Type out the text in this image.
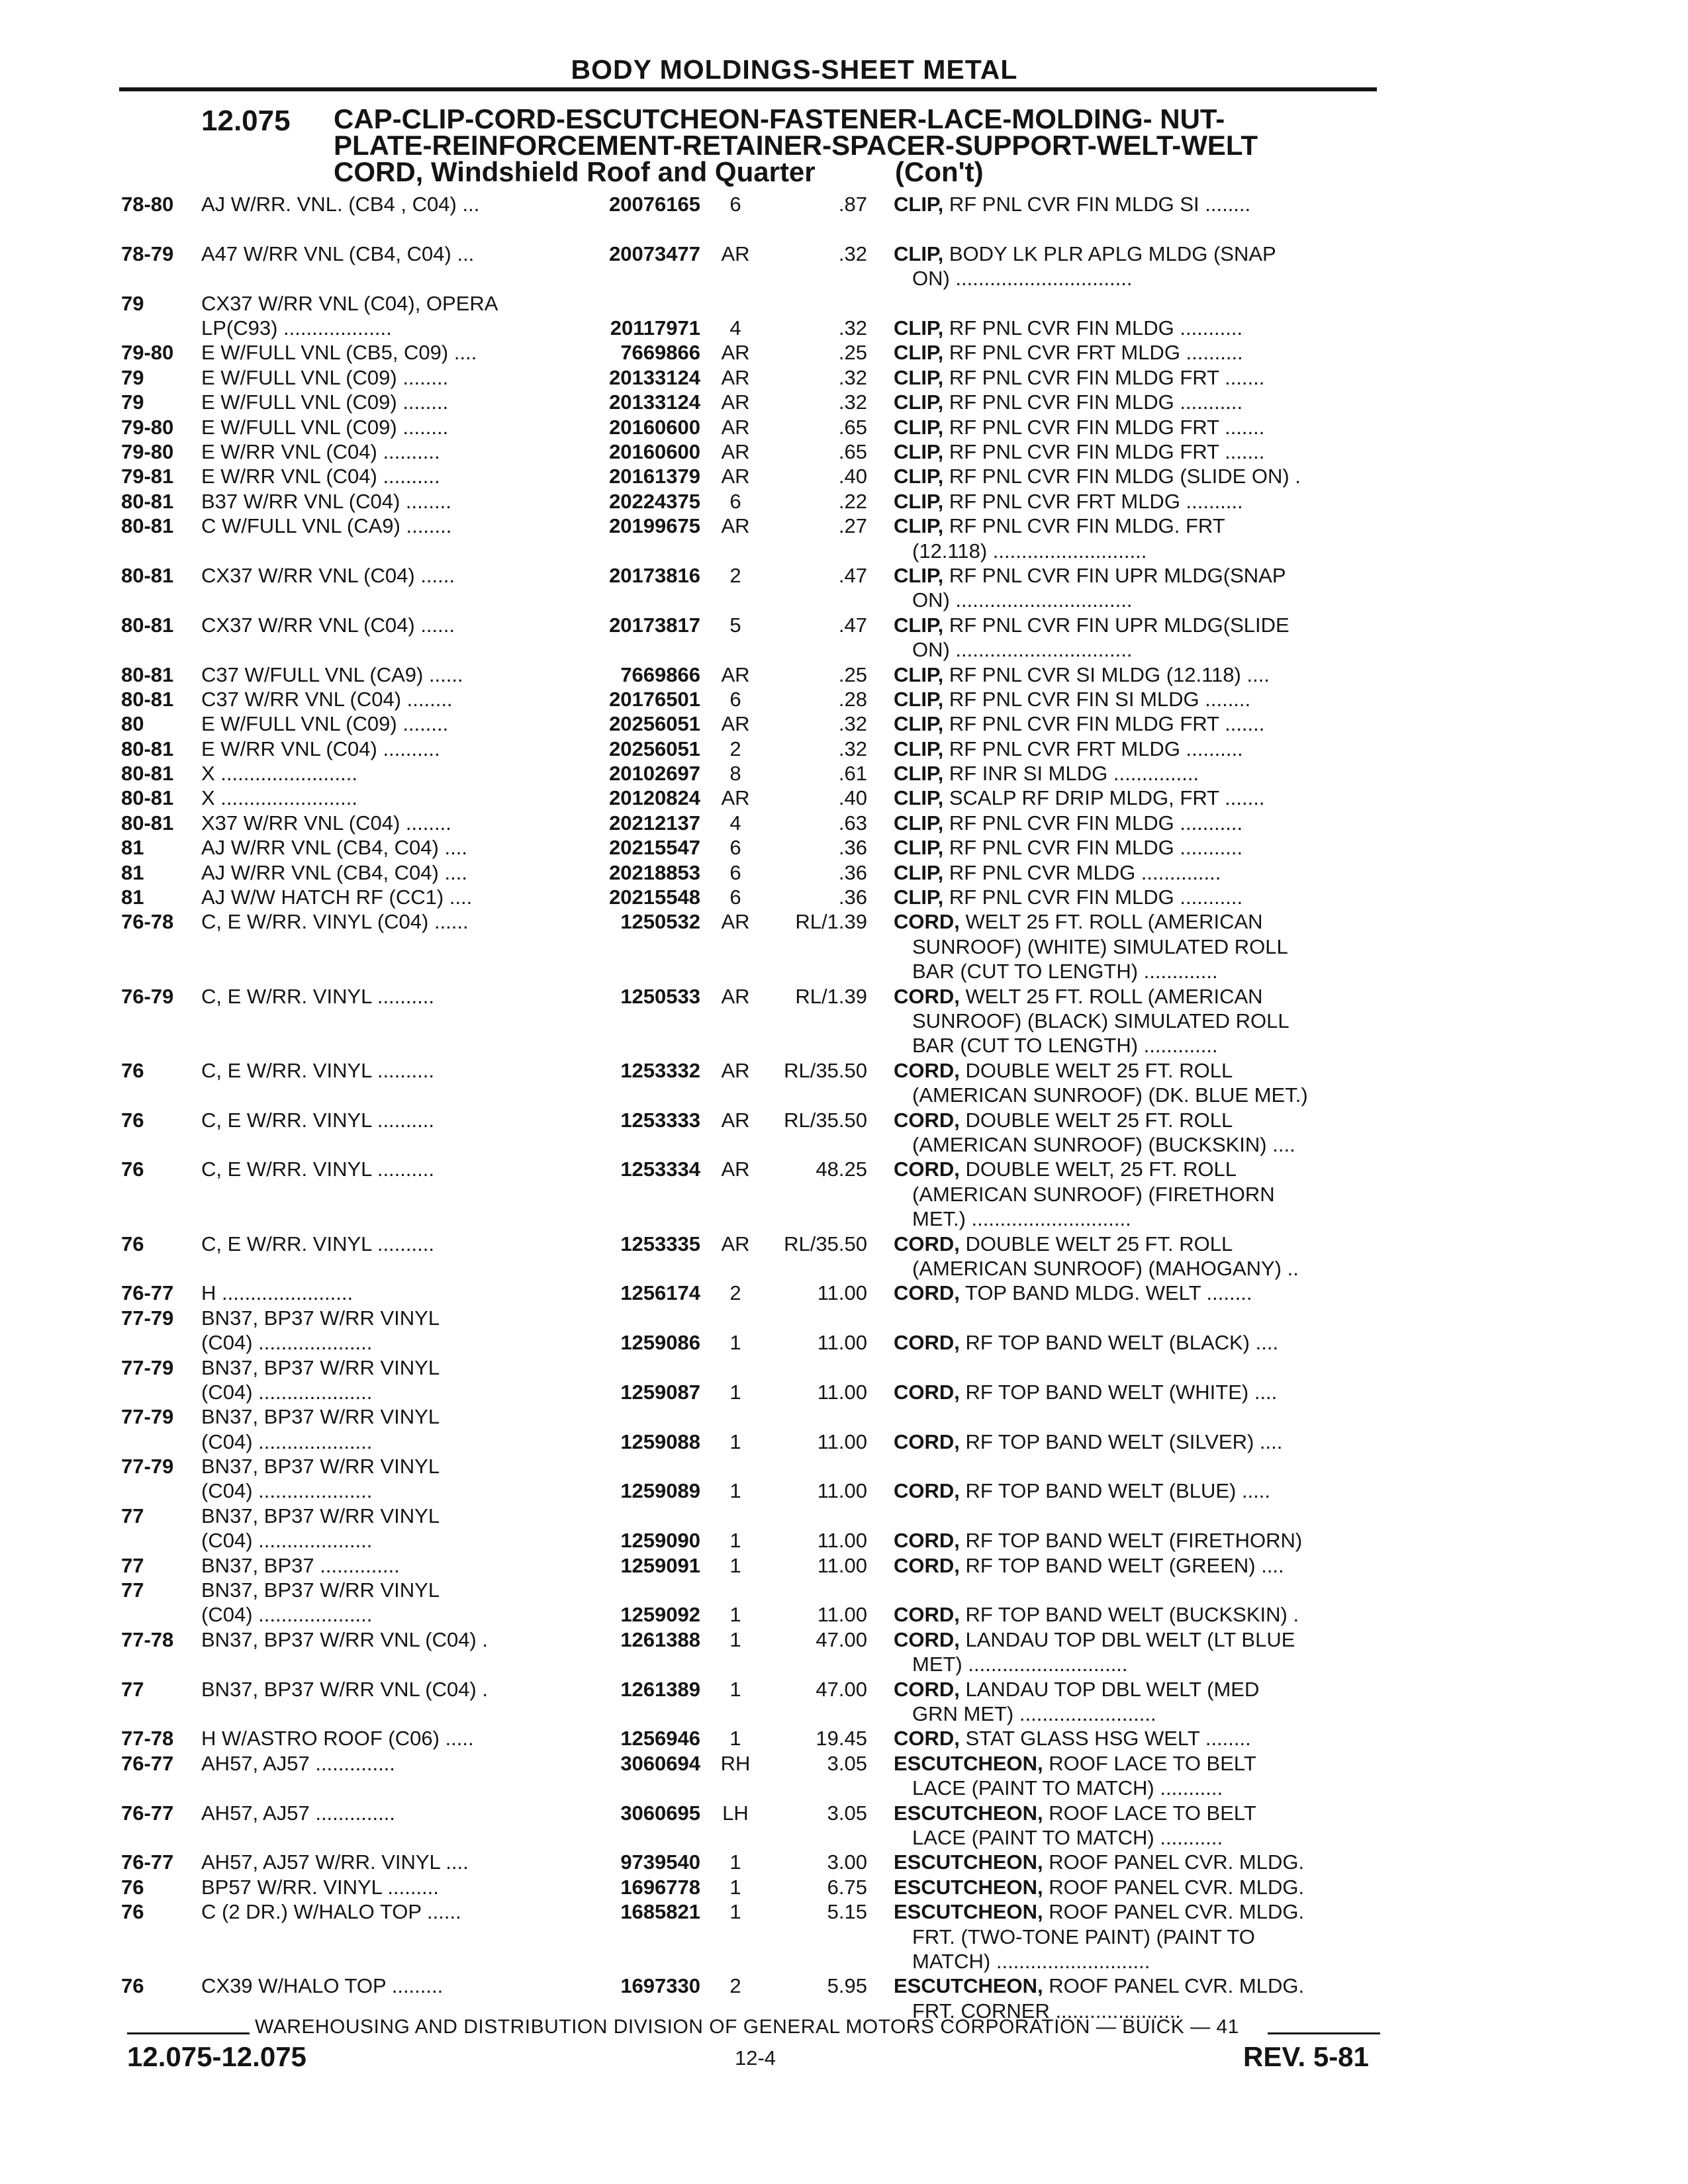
BODY MOLDINGS-SHEET METAL
12.075 CAP-CLIP-CORD-ESCUTCHEON-FASTENER-LACE-MOLDING- NUT-
PLATE-REINFORCEMENT-RETAINER-SPACER-SUPPORT-WELT-WELT
CORD, Windshield Roof and Quarter	(Con't)
78-80 AJ W/RR. VNL. (CB4 , C04) ...	20076165	6	.87 CLIP, RF PNL CVR FIN MLDG SI ........
78-79 A47 W/RR VNL (CB4, C04) ...	20073477	AR	.32 CLIP, BODY LK PLR APLG MLDG (SNAP
ON) ...............................
79	CX37 W/RR VNL (C04), OPERA
LP(C93) ...................	20117971	4	.32 CLIP, RF PNL CVR FIN MLDG ...........
79-80 E W/FULL VNL (CB5, C09) ....	7669866	AR	.25 CLIP, RF PNL CVR FRT MLDG ..........
79	E W/FULL VNL (C09) ........	20133124	AR	.32 CLIP, RF PNL CVR FIN MLDG FRT .......
79	E W/FULL VNL (C09) ........	20133124	AR	.32 CLIP, RF PNL CVR FIN MLDG ...........
79-80 E W/FULL VNL (C09) ........	20160600	AR	.65 CLIP, RF PNL CVR FIN MLDG FRT .......
79-80 E W/RR VNL (C04) ..........	20160600	AR	.65 CLIP, RF PNL CVR FIN MLDG FRT .......
79-81 E W/RR VNL (C04) ..........	20161379	AR	.40 CLIP, RF PNL CVR FIN MLDG (SLIDE ON) .
80-81 B37 W/RR VNL (C04) ........	20224375	6	.22 CLIP, RF PNL CVR FRT MLDG ..........
80-81 C W/FULL VNL (CA9) ........	20199675	AR	.27 CLIP, RF PNL CVR FIN MLDG. FRT
(12.118) ...........................
80-81 CX37 W/RR VNL (C04) ......	20173816	2	.47 CLIP, RF PNL CVR FIN UPR MLDG(SNAP
ON) ...............................
80-81 CX37 W/RR VNL (C04) ......	20173817	5	.47 CLIP, RF PNL CVR FIN UPR MLDG(SLIDE
ON) ...............................
80-81 C37 W/FULL VNL (CA9) ......	7669866	AR	.25 CLIP, RF PNL CVR SI MLDG (12.118) ....
80-81 C37 W/RR VNL (C04) ........	20176501	6	.28 CLIP, RF PNL CVR FIN SI MLDG ........
80	E W/FULL VNL (C09) ........	20256051	AR	.32 CLIP, RF PNL CVR FIN MLDG FRT .......
80-81 E W/RR VNL (C04) ..........	20256051	2	.32 CLIP, RF PNL CVR FRT MLDG ..........
80-81 X ........................	20102697	8	.61 CLIP, RF INR SI MLDG ...............
80-81 X ........................	20120824	AR	.40 CLIP, SCALP RF DRIP MLDG, FRT .......
80-81 X37 W/RR VNL (C04) ........	20212137	4	.63 CLIP, RF PNL CVR FIN MLDG ...........
81	AJ W/RR VNL (CB4, C04) ....	20215547	6	.36 CLIP, RF PNL CVR FIN MLDG ...........
81	AJ W/RR VNL (CB4, C04) ....	20218853	6	.36 CLIP, RF PNL CVR MLDG ..............
81	AJ W/W HATCH RF (CC1) ....	20215548	6	.36 CLIP, RF PNL CVR FIN MLDG ...........
76-78 C, E W/RR. VINYL (C04) ......	1250532	AR	RL/1.39 CORD, WELT 25 FT. ROLL (AMERICAN
SUNROOF) (WHITE) SIMULATED ROLL
BAR (CUT TO LENGTH) .............
76-79 C, E W/RR. VINYL ..........	1250533	AR	RL/1.39 CORD, WELT 25 FT. ROLL (AMERICAN
SUNROOF) (BLACK) SIMULATED ROLL
BAR (CUT TO LENGTH) .............
76	C, E W/RR. VINYL ..........	1253332	AR	RL/35.50 CORD, DOUBLE WELT 25 FT. ROLL
(AMERICAN SUNROOF) (DK. BLUE MET.)
76	C, E W/RR. VINYL ..........	1253333	AR	RL/35.50 CORD, DOUBLE WELT 25 FT. ROLL
(AMERICAN SUNROOF) (BUCKSKIN) ....
76	C, E W/RR. VINYL ..........	1253334	AR	48.25 CORD, DOUBLE WELT, 25 FT. ROLL
(AMERICAN SUNROOF) (FIRETHORN
MET.) ............................
76	C, E W/RR. VINYL ..........	1253335	AR	RL/35.50 CORD, DOUBLE WELT 25 FT. ROLL
(AMERICAN SUNROOF) (MAHOGANY) ..
76-77 H .......................	1256174	2	11.00 CORD, TOP BAND MLDG. WELT ........
77-79 BN37, BP37 W/RR VINYL
(C04) ....................	1259086	1	11.00 CORD, RF TOP BAND WELT (BLACK) ....
77-79 BN37, BP37 W/RR VINYL
(C04) ....................	1259087	1	11.00 CORD, RF TOP BAND WELT (WHITE) ....
77-79 BN37, BP37 W/RR VINYL
(C04) ....................	1259088	1	11.00 CORD, RF TOP BAND WELT (SILVER) ....
77-79 BN37, BP37 W/RR VINYL
(C04) ....................	1259089	1	11.00 CORD, RF TOP BAND WELT (BLUE) .....
77	BN37, BP37 W/RR VINYL
(C04) ....................	1259090	1	11.00 CORD, RF TOP BAND WELT (FIRETHORN)
77	BN37, BP37 ..............	1259091	1	11.00 CORD, RF TOP BAND WELT (GREEN) ....
77	BN37, BP37 W/RR VINYL
(C04) ....................	1259092	1	11.00 CORD, RF TOP BAND WELT (BUCKSKIN) .
77-78 BN37, BP37 W/RR VNL (C04) .	1261388	1	47.00 CORD, LANDAU TOP DBL WELT (LT BLUE
MET) ............................
77	BN37, BP37 W/RR VNL (C04) .	1261389	1	47.00 CORD, LANDAU TOP DBL WELT (MED
GRN MET) ........................
77-78 H W/ASTRO ROOF (C06) .....	1256946	1	19.45 CORD, STAT GLASS HSG WELT ........
76-77 AH57, AJ57 ..............	3060694 RH	3.05 ESCUTCHEON, ROOF LACE TO BELT
LACE (PAINT TO MATCH) ...........
76-77 AH57, AJ57 ..............	3060695	LH	3.05 ESCUTCHEON, ROOF LACE TO BELT
LACE (PAINT TO MATCH) ...........
76-77 AH57, AJ57 W/RR. VINYL ....	9739540	1	3.00 ESCUTCHEON, ROOF PANEL CVR. MLDG.
76	BP57 W/RR. VINYL .........	1696778	1	6.75 ESCUTCHEON, ROOF PANEL CVR. MLDG.
76	C (2 DR.) W/HALO TOP ......	1685821	1	5.15 ESCUTCHEON, ROOF PANEL CVR. MLDG.
FRT. (TWO-TONE PAINT) (PAINT TO
MATCH) ...........................
76	CX39 W/HALO TOP .........	1697330	2	5.95 ESCUTCHEON, ROOF PANEL CVR. MLDG.
FRT. CORNER ......................
WAREHOUSING AND DISTRIBUTION DIVISION OF GENERAL MOTORS CORPORATION — BUICK — 41
12.075-12.075	12-4	REV. 5-81
